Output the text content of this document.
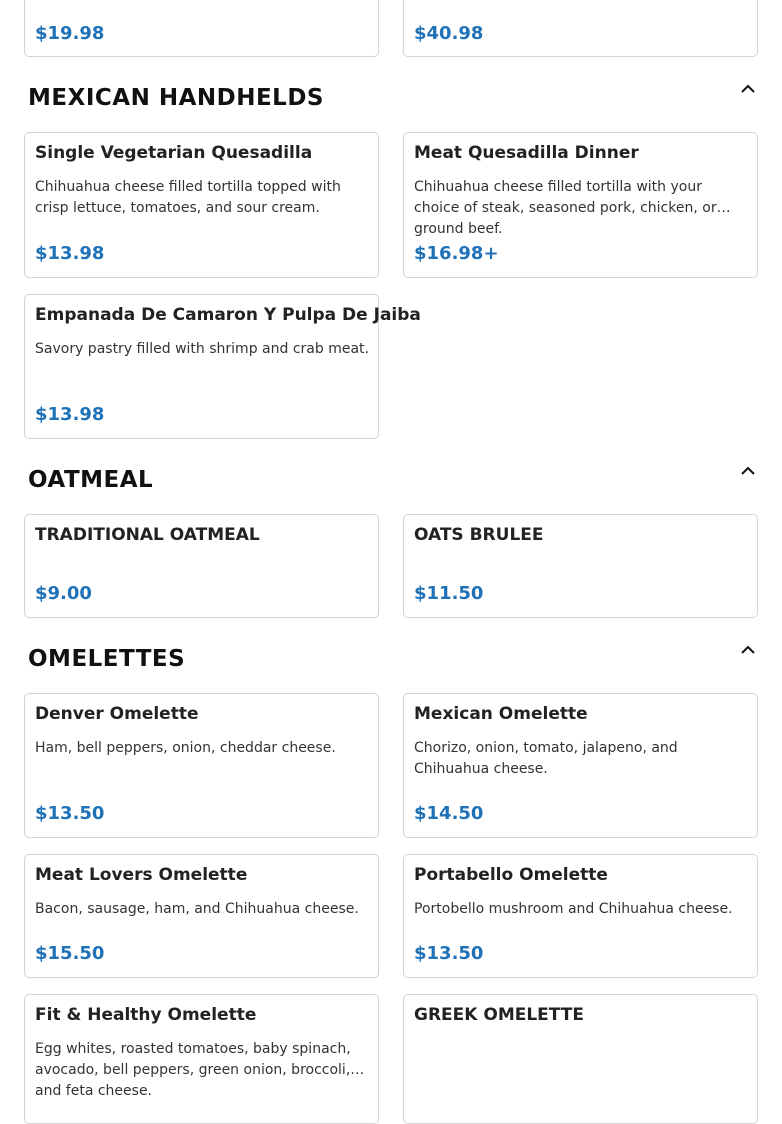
$19.98	$40.98
MEXICAN HANDHELDS
Single Vegetarian Quesadilla
Chihuahua cheese filled tortilla topped with crisp lettuce, tomatoes, and sour cream.
$13.98
Meat Quesadilla Dinner
Chihuahua cheese filled tortilla with your choice of steak, seasoned pork, chicken, or ground beef.
$16.98+
Empanada De Camaron Y Pulpa De Jaiba
Savory pastry filled with shrimp and crab meat.
$13.98
OATMEAL
TRADITIONAL OATMEAL
$9.00
OATS BRULEE
$11.50
OMELETTES
Denver Omelette
Ham, bell peppers, onion, cheddar cheese.
$13.50
Mexican Omelette
Chorizo, onion, tomato, jalapeno, and Chihuahua cheese.
$14.50
Meat Lovers Omelette
Bacon, sausage, ham, and Chihuahua cheese.
$15.50
Portabello Omelette
Portobello mushroom and Chihuahua cheese.
$13.50
Fit & Healthy Omelette
Egg whites, roasted tomatoes, baby spinach, avocado, bell peppers, green onion, broccoli, and feta cheese.
GREEK OMELETTE
